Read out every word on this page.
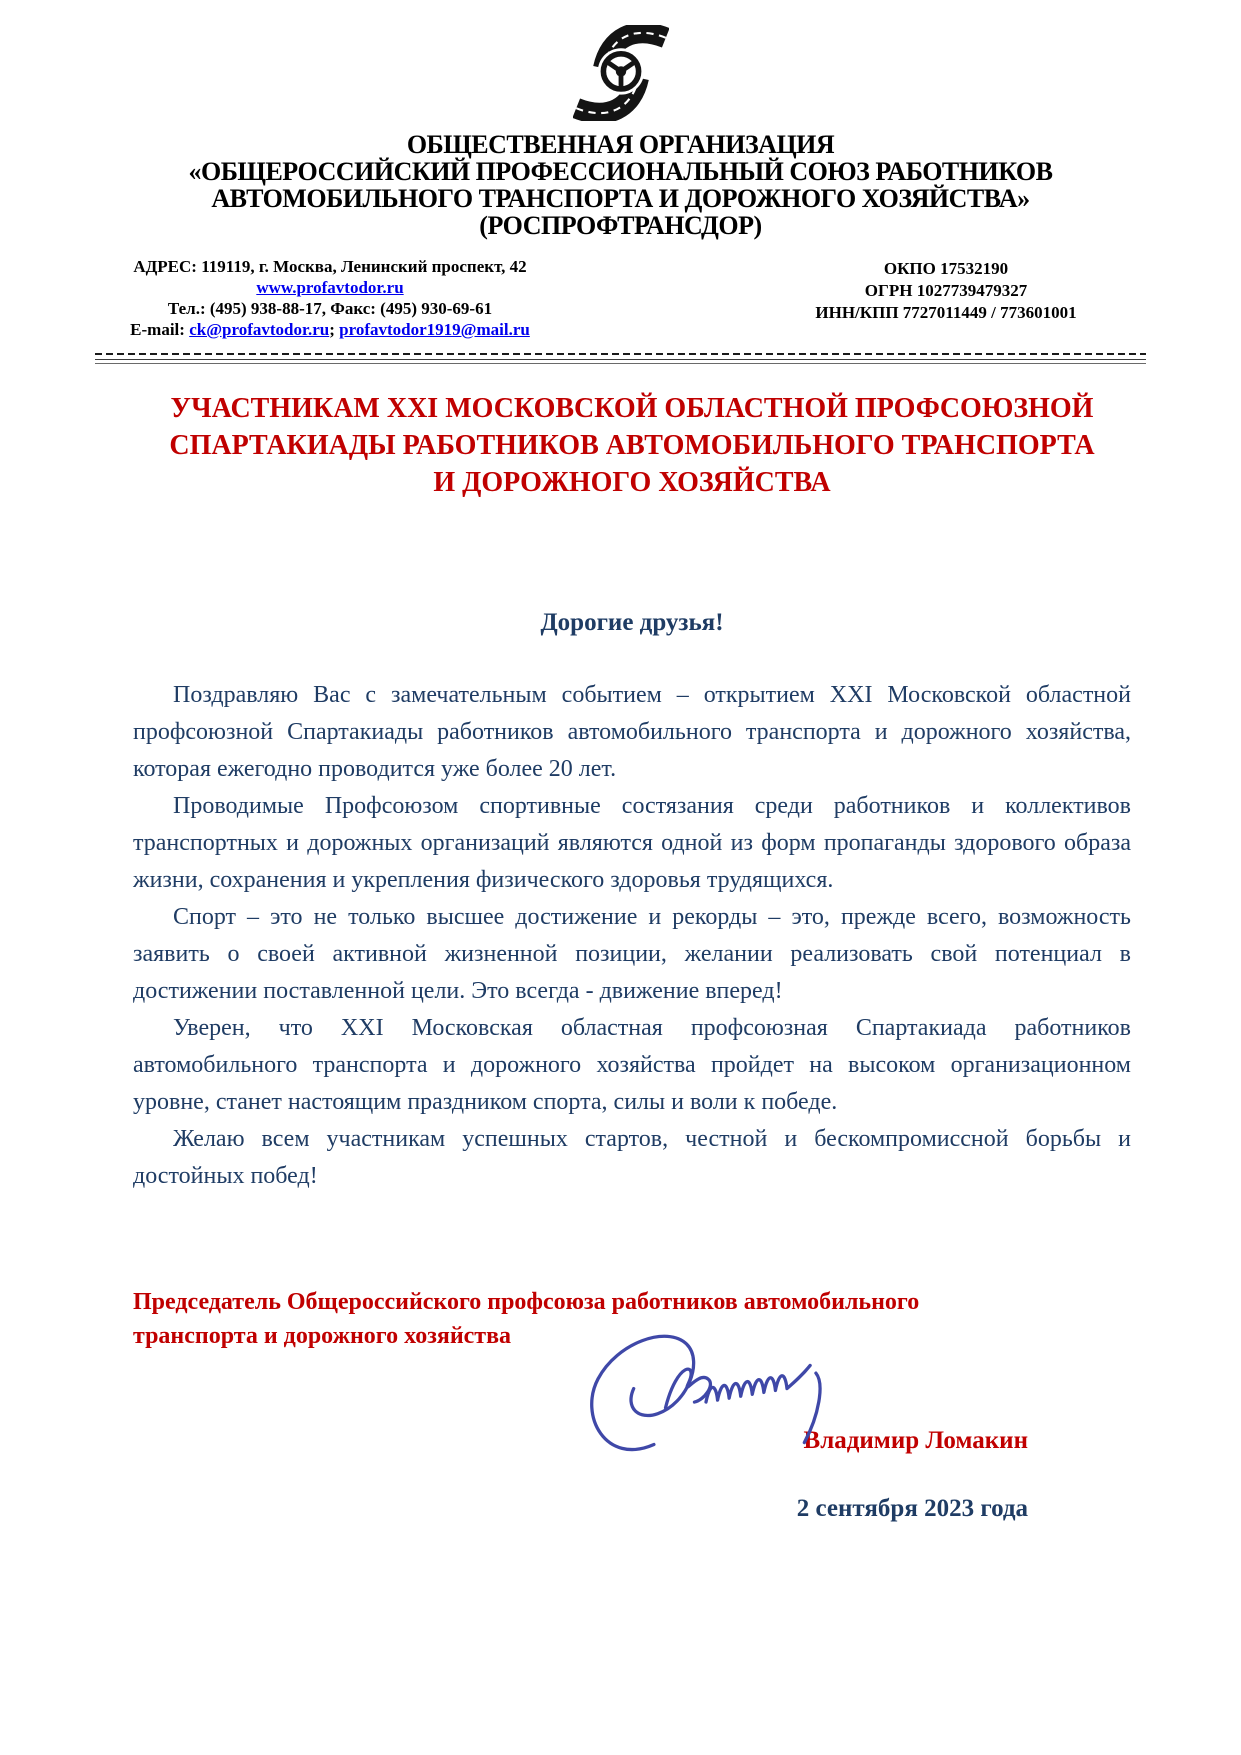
ОБЩЕСТВЕННАЯ ОРГАНИЗАЦИЯ
«ОБЩЕРОССИЙСКИЙ ПРОФЕССИОНАЛЬНЫЙ СОЮЗ РАБОТНИКОВ
АВТОМОБИЛЬНОГО ТРАНСПОРТА И ДОРОЖНОГО ХОЗЯЙСТВА»
(РОСПРОФТРАНСДОР)
АДРЕС: 119119, г. Москва, Ленинский проспект, 42
www.profavtodor.ru
Тел.: (495) 938-88-17, Факс: (495) 930-69-61
E-mail: ck@profavtodor.ru; profavtodor1919@mail.ru
ОКПО 17532190
ОГРН 1027739479327
ИНН/КПП 7727011449 / 773601001
УЧАСТНИКАМ XXI МОСКОВСКОЙ ОБЛАСТНОЙ ПРОФСОЮЗНОЙ
СПАРТАКИАДЫ РАБОТНИКОВ АВТОМОБИЛЬНОГО ТРАНСПОРТА
И ДОРОЖНОГО ХОЗЯЙСТВА
Дорогие друзья!

Поздравляю Вас с замечательным событием – открытием XXI Московской областной профсоюзной Спартакиады работников автомобильного транспорта и дорожного хозяйства, которая ежегодно проводится уже более 20 лет.

Проводимые Профсоюзом спортивные состязания среди работников и коллективов транспортных и дорожных организаций являются одной из форм пропаганды здорового образа жизни, сохранения и укрепления физического здоровья трудящихся.

Спорт – это не только высшее достижение и рекорды – это, прежде всего, возможность заявить о своей активной жизненной позиции, желании реализовать свой потенциал в достижении поставленной цели. Это всегда - движение вперед!

Уверен, что XXI Московская областная профсоюзная Спартакиада работников автомобильного транспорта и дорожного хозяйства пройдет на высоком организационном уровне, станет настоящим праздником спорта, силы и воли к победе.

Желаю всем участникам успешных стартов, честной и бескомпромиссной борьбы и достойных побед!

Председатель Общероссийского профсоюза работников автомобильного транспорта и дорожного хозяйства
Владимир Ломакин
2 сентября 2023 года
